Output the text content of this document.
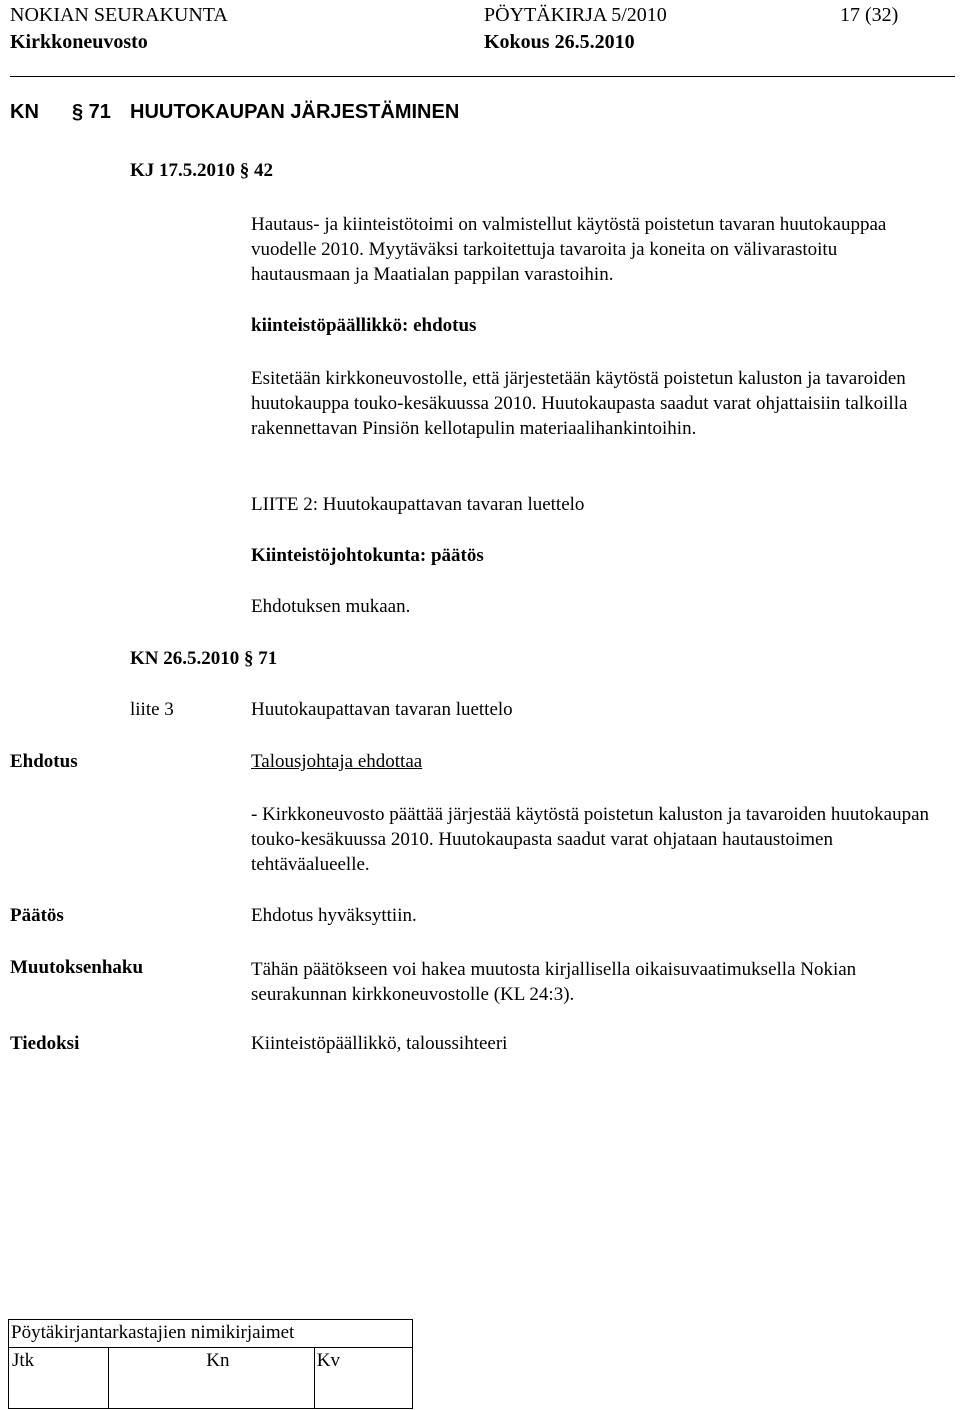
NOKIAN SEURAKUNTA	PÖYTÄKIRJA 5/2010	17 (32)
Kirkkoneuvosto	Kokous 26.5.2010
KN § 71 HUUTOKAUPAN JÄRJESTÄMINEN
KJ 17.5.2010 § 42
Hautaus- ja kiinteistötoimi on valmistellut käytöstä poistetun tavaran huutokauppaa vuodelle 2010. Myytäväksi tarkoitettuja tavaroita ja koneita on välivarastoitu hautausmaan ja Maatialan pappilan varastoihin.
kiinteistöpäällikkö: ehdotus
Esitetään kirkkoneuvostolle, että järjestetään käytöstä poistetun kaluston ja tavaroiden huutokauppa touko-kesäkuussa 2010. Huutokaupasta saadut varat ohjattaisiin talkoilla rakennettavan Pinsiön kellotapulin materiaalihankintoihin.
LIITE 2: Huutokaupattavan tavaran luettelo
Kiinteistöjohtokunta: päätös
Ehdotuksen mukaan.
KN 26.5.2010 § 71
liite 3	Huutokaupattavan tavaran luettelo
Ehdotus	Talousjohtaja ehdottaa
- Kirkkoneuvosto päättää järjestää käytöstä poistetun kaluston ja tavaroiden huutokaupan touko-kesäkuussa 2010. Huutokaupasta saadut varat ohjataan hautaustoimen tehtäväalueelle.
Päätös	Ehdotus hyväksyttiin.
Muutoksenhaku	Tähän päätökseen voi hakea muutosta kirjallisella oikaisuvaatimuksella Nokian seurakunnan kirkkoneuvostolle (KL 24:3).
Tiedoksi	Kiinteistöpäällikkö, taloussihteeri
Pöytäkirjantarkastajien nimikirjaimet

Jtk	Kn	Kv
